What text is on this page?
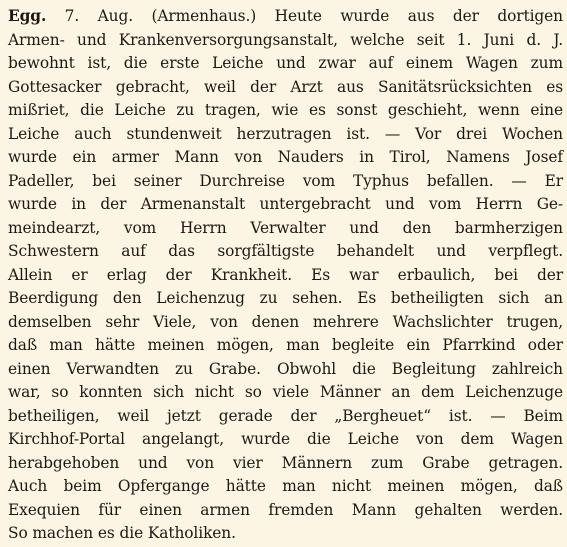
Egg. 7. Aug. (Armenhaus.) Heute wurde aus der dortigen
Armen- und Krankenversorgungsanstalt, welche seit 1. Juni d. J.
bewohnt ist, die erste Leiche und zwar auf einem Wagen zum
Gottesacker gebracht, weil der Arzt aus Sanitätsrücksichten es
mißriet, die Leiche zu tragen, wie es sonst geschieht, wenn eine
Leiche auch stundenweit herzutragen ist. — Vor drei Wochen
wurde ein armer Mann von Nauders in Tirol, Namens Josef
Padeller, bei seiner Durchreise vom Typhus befallen. — Er
wurde in der Armenanstalt untergebracht und vom Herrn Ge-
meindearzt, vom Herrn Verwalter und den barmherzigen
Schwestern auf das sorgfältigste behandelt und verpflegt.
Allein er erlag der Krankheit. Es war erbaulich, bei der
Beerdigung den Leichenzug zu sehen. Es betheiligten sich an
demselben sehr Viele, von denen mehrere Wachslichter trugen,
daß man hätte meinen mögen, man begleite ein Pfarrkind oder
einen Verwandten zu Grabe. Obwohl die Begleitung zahlreich
war, so konnten sich nicht so viele Männer an dem Leichenzuge
betheiligen, weil jetzt gerade der „Bergheuet“ ist. — Beim
Kirchhof-Portal angelangt, wurde die Leiche von dem Wagen
herabgehoben und von vier Männern zum Grabe getragen.
Auch beim Opfergange hätte man nicht meinen mögen, daß
Exequien für einen armen fremden Mann gehalten werden.
So machen es die Katholiken.
